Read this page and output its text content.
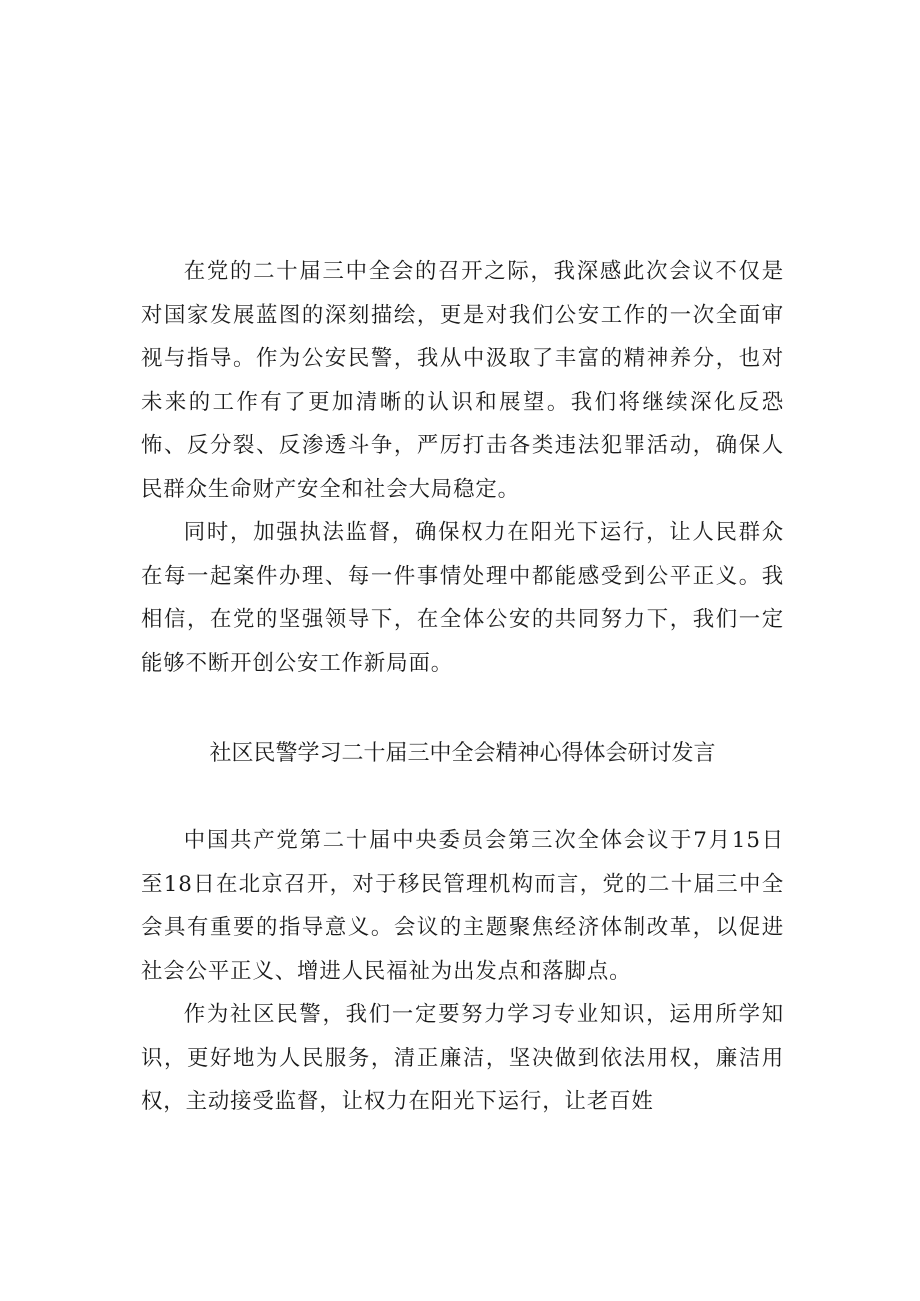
在党的二十届三中全会的召开之际，我深感此次会议不仅是对国家发展蓝图的深刻描绘，更是对我们公安工作的一次全面审视与指导。作为公安民警，我从中汲取了丰富的精神养分，也对未来的工作有了更加清晰的认识和展望。我们将继续深化反恐怖、反分裂、反渗透斗争，严厉打击各类违法犯罪活动，确保人民群众生命财产安全和社会大局稳定。

同时，加强执法监督，确保权力在阳光下运行，让人民群众在每一起案件办理、每一件事情处理中都能感受到公平正义。我相信，在党的坚强领导下，在全体公安的共同努力下，我们一定能够不断开创公安工作新局面。

社区民警学习二十届三中全会精神心得体会研讨发言

中国共产党第二十届中央委员会第三次全体会议于7月15日至18日在北京召开，对于移民管理机构而言，党的二十届三中全会具有重要的指导意义。会议的主题聚焦经济体制改革，以促进社会公平正义、增进人民福祉为出发点和落脚点。

作为社区民警，我们一定要努力学习专业知识，运用所学知识，更好地为人民服务，清正廉洁，坚决做到依法用权，廉洁用权，主动接受监督，让权力在阳光下运行，让老百姓
